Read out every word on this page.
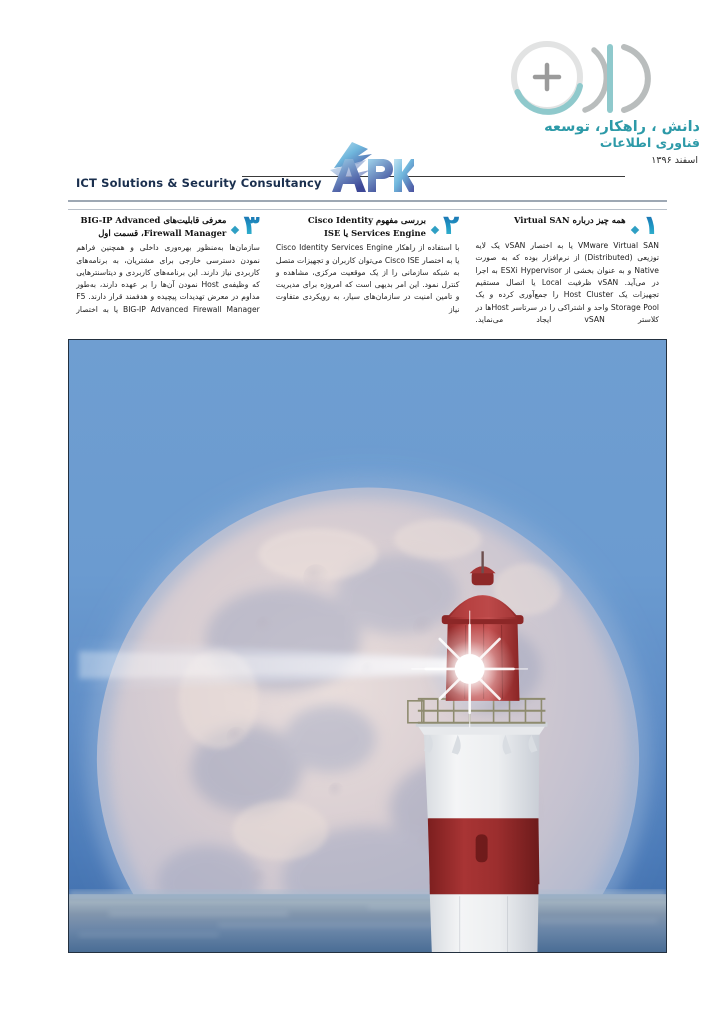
دانش ، راهکار، توسعه
فناوری اطلاعات
اسفند ۱۳۹۶
ICT Solutions & Security Consultancy
۱
همه چیز درباره Virtual SAN

VMware Virtual SAN یا به اختصار vSAN یک لایه توزیعی (Distributed) از نرم‌افزار بوده که به صورت Native و به عنوان بخشی از ESXi Hypervisor به اجرا در می‌آید. vSAN ظرفیت Local یا اتصال مستقیم تجهیزات یک Host Cluster را جمع‌آوری کرده و یک Storage Pool واحد و اشتراکی را در سرتاسر Host‌ها در کلاستر vSAN ایجاد می‌نماید.

۲
بررسی مفهوم Cisco Identity Services Engine یا ISE

با استفاده از راهکار Cisco Identity Services Engine یا به اختصار Cisco ISE می‌توان کاربران و تجهیزات متصل به شبکه سازمانی را از یک موقعیت مرکزی، مشاهده و کنترل نمود. این امر بدیهی است که امروزه برای مدیریت و تامین امنیت در سازمان‌های سیار، به رویکردی متفاوت نیاز

۳
معرفی قابلیت‌های BIG-IP Advanced Firewall Manager، قسمت اول

سازمان‌ها به‌منظور بهره‌وری داخلی و همچنین فراهم نمودن دسترسی خارجی برای مشتریان، به برنامه‌های کاربردی نیاز دارند. این برنامه‌های کاربردی و دیتاسنترهایی که وظیفه‌ی Host نمودن آن‌ها را بر عهده دارند، به‌طور مداوم در معرض تهدیدات پیچیده و هدفمند قرار دارند. F5 BIG-IP Advanced Firewall Manager یا به اختصار
